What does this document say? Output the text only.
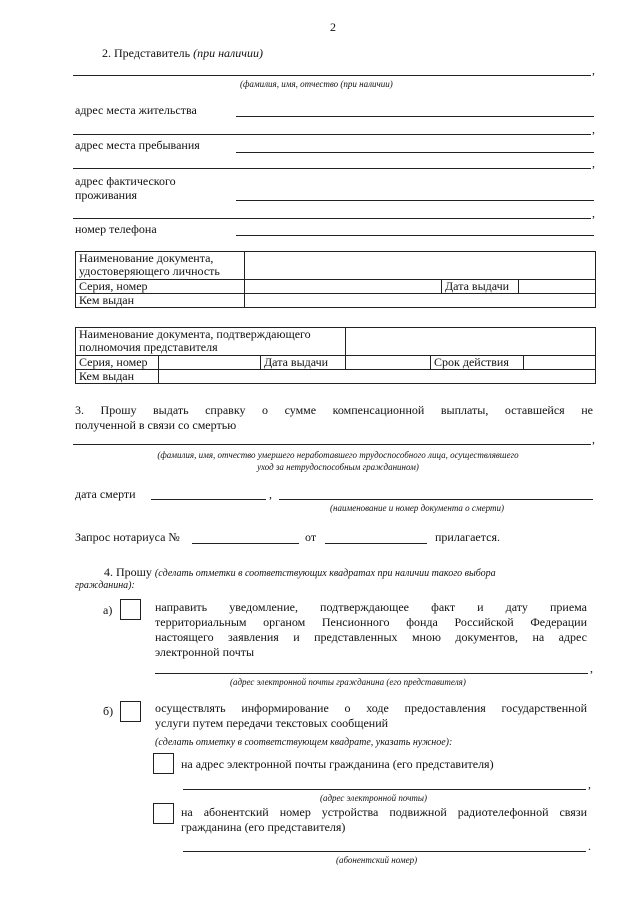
2
2. Представитель (при наличии)
,
(фамилия, имя, отчество (при наличии)
адрес места жительства
,
адрес места пребывания
,
адрес фактического
проживания
,
номер телефона
Наименование документа,
удостоверяющего личность			

Серия, номер		Дата выдачи	
Кем выдан			
Наименование документа, подтверждающего
полномочия представителя					

Серия, номер		Дата выдачи		Срок действия	
Кем выдан					
3. Прошу выдать справку о сумме компенсационной выплаты, оставшейся не
полученной в связи со смертью
,
(фамилия, имя, отчество умершего неработавшего трудоспособного лица, осуществлявшего
уход за нетрудоспособным гражданином)
дата смерти	,
(наименование и номер документа о смерти)
Запрос нотариуса №	от	прилагается.
4. Прошу (сделать отметки в соответствующих квадратах при наличии такого выбора
гражданина):
а)	направить уведомление, подтверждающее факт и дату приема
территориальным органом Пенсионного фонда Российской Федерации
настоящего заявления и представленных мною документов, на адрес
электронной почты
,
(адрес электронной почты гражданина (его представителя)
б)	осуществлять информирование о ходе предоставления государственной
услуги путем передачи текстовых сообщений
(сделать отметку в соответствующем квадрате, указать нужное):
на адрес электронной почты гражданина (его представителя)
,
(адрес электронной почты)
на абонентский номер устройства подвижной радиотелефонной связи
гражданина (его представителя)
.
(абонентский номер)
